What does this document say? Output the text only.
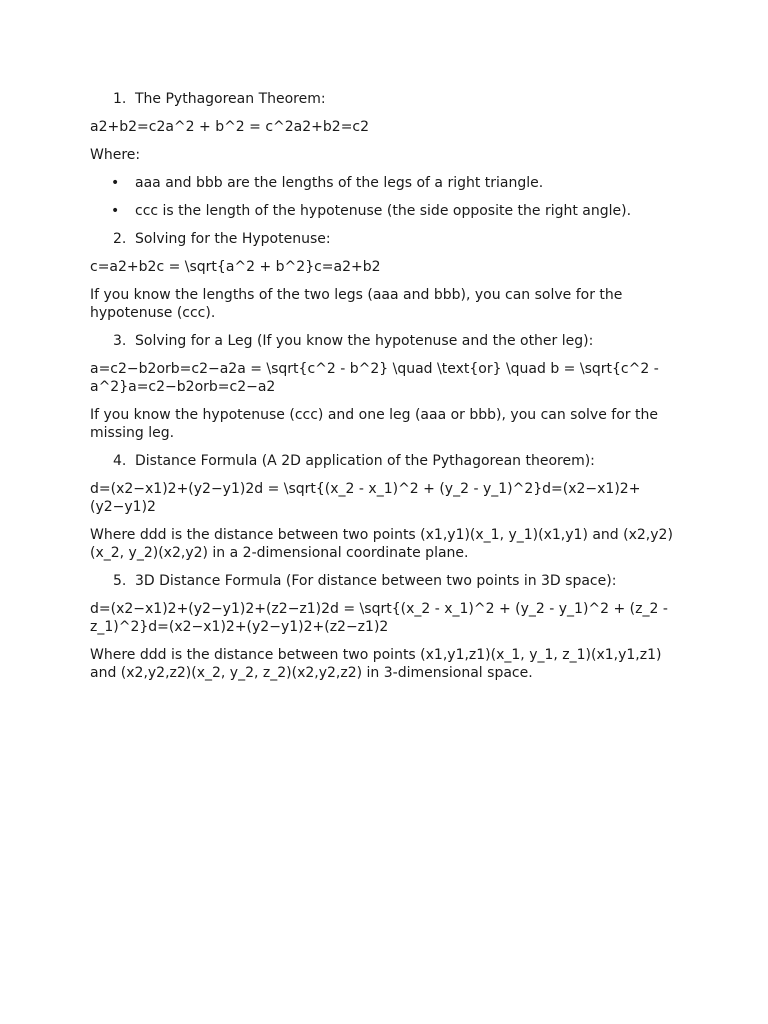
1. The Pythagorean Theorem:

a2+b2=c2a^2 + b^2 = c^2a2+b2=c2

Where:

• aaa and bbb are the lengths of the legs of a right triangle.
• ccc is the length of the hypotenuse (the side opposite the right angle).
2. Solving for the Hypotenuse:

c=a2+b2c = \sqrt{a^2 + b^2}c=a2+b2

If you know the lengths of the two legs (aaa and bbb), you can solve for the hypotenuse (ccc).

3. Solving for a Leg (If you know the hypotenuse and the other leg):

a=c2−b2orb=c2−a2a = \sqrt{c^2 - b^2} \quad \text{or} \quad b = \sqrt{c^2 - a^2}a=c2−b2orb=c2−a2

If you know the hypotenuse (ccc) and one leg (aaa or bbb), you can solve for the missing leg.

4. Distance Formula (A 2D application of the Pythagorean theorem):

d=(x2−x1)2+(y2−y1)2d = \sqrt{(x_2 - x_1)^2 + (y_2 - y_1)^2}d=(x2−x1)2+(y2−y1)2

Where ddd is the distance between two points (x1,y1)(x_1, y_1)(x1,y1) and (x2,y2)(x_2, y_2)(x2,y2) in a 2-dimensional coordinate plane.

5. 3D Distance Formula (For distance between two points in 3D space):

d=(x2−x1)2+(y2−y1)2+(z2−z1)2d = \sqrt{(x_2 - x_1)^2 + (y_2 - y_1)^2 + (z_2 - z_1)^2}d=(x2−x1)2+(y2−y1)2+(z2−z1)2

Where ddd is the distance between two points (x1,y1,z1)(x_1, y_1, z_1)(x1,y1,z1) and (x2,y2,z2)(x_2, y_2, z_2)(x2,y2,z2) in 3-dimensional space.
